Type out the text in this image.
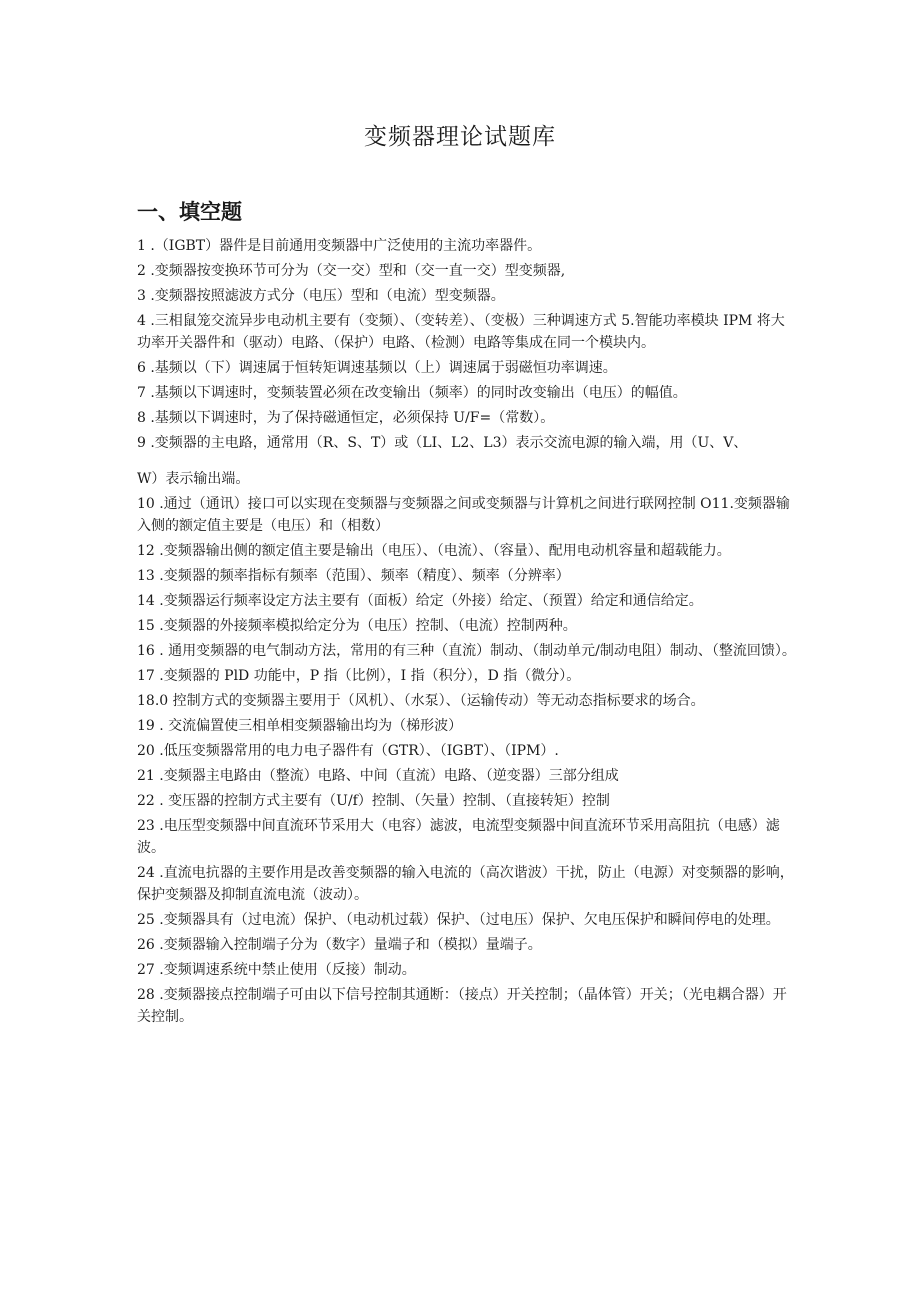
变频器理论试题库
一、填空题
1 .（IGBT）器件是目前通用变频器中广泛使用的主流功率器件。
2 .变频器按变换环节可分为（交一交）型和（交一直一交）型变频器,
3 .变频器按照滤波方式分（电压）型和（电流）型变频器。
4 .三相鼠笼交流异步电动机主要有（变频）、（变转差）、（变极）三种调速方式 5.智能功率模块 IPM 将大功率开关器件和（驱动）电路、（保护）电路、（检测）电路等集成在同一个模块内。
6 .基频以（下）调速属于恒转矩调速基频以（上）调速属于弱磁恒功率调速。
7 .基频以下调速时，变频装置必须在改变输出（频率）的同时改变输出（电压）的幅值。
8 .基频以下调速时，为了保持磁通恒定，必须保持 U/F=（常数）。
9 .变频器的主电路，通常用（R、S、T）或（LI、L2、L3）表示交流电源的输入端，用（U、V、
W）表示输出端。
10 .通过（通讯）接口可以实现在变频器与变频器之间或变频器与计算机之间进行联网控制 O11.变频器输入侧的额定值主要是（电压）和（相数）
12 .变频器输出侧的额定值主要是输出（电压）、（电流）、（容量）、配用电动机容量和超载能力。
13 .变频器的频率指标有频率（范围）、频率（精度）、频率（分辨率）
14 .变频器运行频率设定方法主要有（面板）给定（外接）给定、（预置）给定和通信给定。
15 .变频器的外接频率模拟给定分为（电压）控制、（电流）控制两种。
16 . 通用变频器的电气制动方法，常用的有三种（直流）制动、（制动单元/制动电阻）制动、（整流回馈）。
17 .变频器的 PlD 功能中，P 指（比例），I 指（积分），D 指（微分）。
18.0 控制方式的变频器主要用于（风机）、（水泵）、（运输传动）等无动态指标要求的场合。
19 . 交流偏置使三相单相变频器输出均为（梯形波）
20 .低压变频器常用的电力电子器件有（GTR）、（IGBT）、（IPM）.
21 .变频器主电路由（整流）电路、中间（直流）电路、（逆变器）三部分组成
22 . 变压器的控制方式主要有（U/f）控制、（矢量）控制、（直接转矩）控制
23 .电压型变频器中间直流环节采用大（电容）滤波，电流型变频器中间直流环节采用高阻抗（电感）滤波。
24 .直流电抗器的主要作用是改善变频器的输入电流的（高次谐波）干扰，防止（电源）对变频器的影响，保护变频器及抑制直流电流（波动）。
25 .变频器具有（过电流）保护、（电动机过载）保护、（过电压）保护、欠电压保护和瞬间停电的处理。
26 .变频器输入控制端子分为（数字）量端子和（模拟）量端子。
27 .变频调速系统中禁止使用（反接）制动。
28 .变频器接点控制端子可由以下信号控制其通断：（接点）开关控制；（晶体管）开关；（光电耦合器）开关控制。
